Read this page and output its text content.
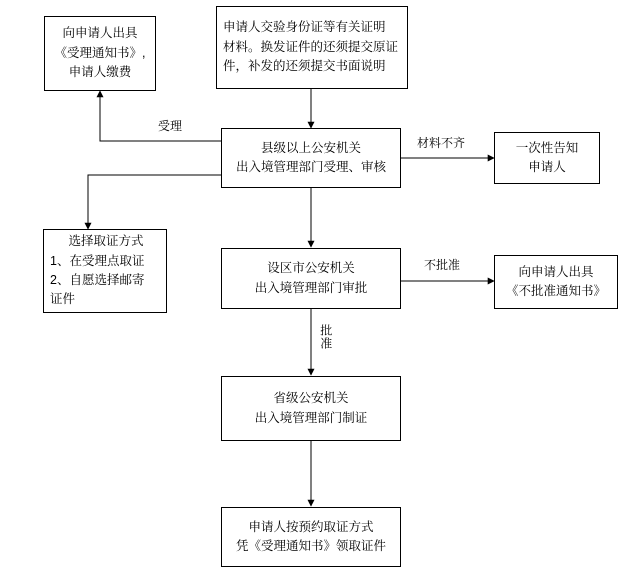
向申请人出具
《受理通知书》,
申请人缴费
申请人交验身份证等有关证明
材料。换发证件的还须提交原证
件，补发的还须提交书面说明
县级以上公安机关
出入境管理部门受理、审核
一次性告知
申请人
选择取证方式
1、在受理点取证
2、自愿选择邮寄
证件
设区市公安机关
出入境管理部门审批
向申请人出具
《不批准通知书》
省级公安机关
出入境管理部门制证
申请人按预约取证方式
凭《受理通知书》领取证件
受理
材料不齐
不批准
批准
